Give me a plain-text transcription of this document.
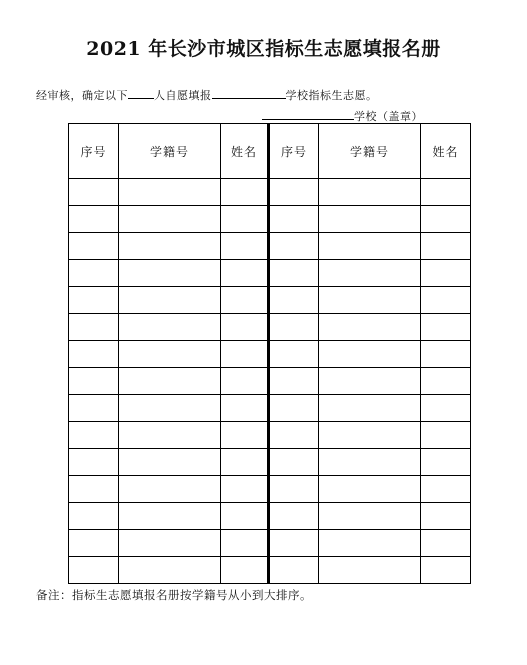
2021 年长沙市城区指标生志愿填报名册
经审核，确定以下 人自愿填报	学校指标生志愿。
学校（盖章）
序号	学籍号	姓名	序号	学籍号	姓名

备注：指标生志愿填报名册按学籍号从小到大排序。
